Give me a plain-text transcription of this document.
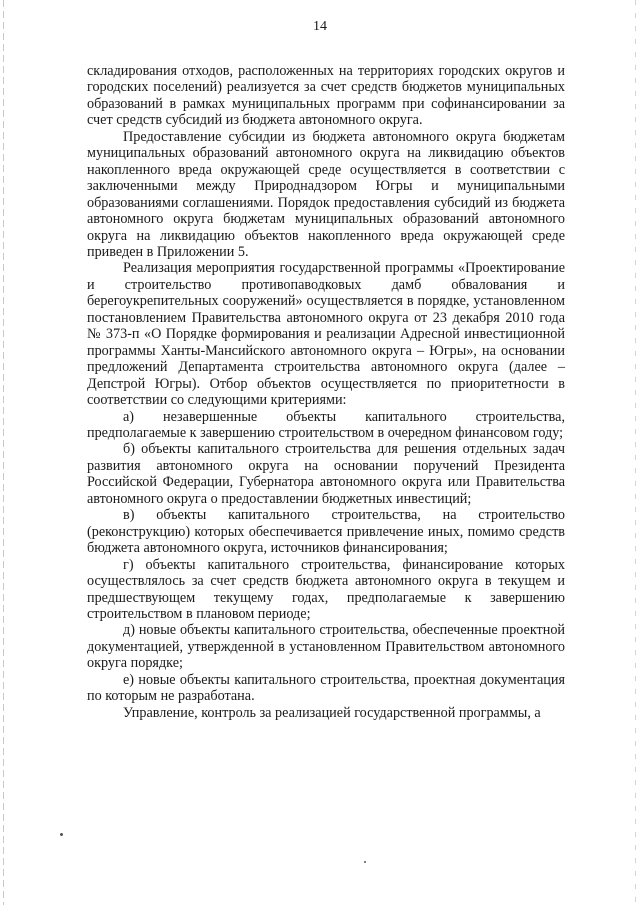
14

складирования отходов, расположенных на территориях городских округов и городских поселений) реализуется за счет средств бюджетов муниципальных образований в рамках муниципальных программ при софинансировании за счет средств субсидий из бюджета автономного округа.

Предоставление субсидии из бюджета автономного округа бюджетам муниципальных образований автономного округа на ликвидацию объектов накопленного вреда окружающей среде осуществляется в соответствии с заключенными между Природнадзором Югры и муниципальными образованиями соглашениями. Порядок предоставления субсидий из бюджета автономного округа бюджетам муниципальных образований автономного округа на ликвидацию объектов накопленного вреда окружающей среде приведен в Приложении 5.

Реализация мероприятия государственной программы «Проектирование и строительство противопаводковых дамб обвалования и берегоукрепительных сооружений» осуществляется в порядке, установленном постановлением Правительства автономного округа от 23 декабря 2010 года № 373-п «О Порядке формирования и реализации Адресной инвестиционной программы Ханты-Мансийского автономного округа – Югры», на основании предложений Департамента строительства автономного округа (далее – Депстрой Югры). Отбор объектов осуществляется по приоритетности в соответствии со следующими критериями:

а) незавершенные объекты капитального строительства, предполагаемые к завершению строительством в очередном финансовом году;

б) объекты капитального строительства для решения отдельных задач развития автономного округа на основании поручений Президента Российской Федерации, Губернатора автономного округа или Правительства автономного округа о предоставлении бюджетных инвестиций;

в) объекты капитального строительства, на строительство (реконструкцию) которых обеспечивается привлечение иных, помимо средств бюджета автономного округа, источников финансирования;

г) объекты капитального строительства, финансирование которых осуществлялось за счет средств бюджета автономного округа в текущем и предшествующем текущему годах, предполагаемые к завершению строительством в плановом периоде;

д) новые объекты капитального строительства, обеспеченные проектной документацией, утвержденной в установленном Правительством автономного округа порядке;

е) новые объекты капитального строительства, проектная документация по которым не разработана.

Управление, контроль за реализацией государственной программы, а
